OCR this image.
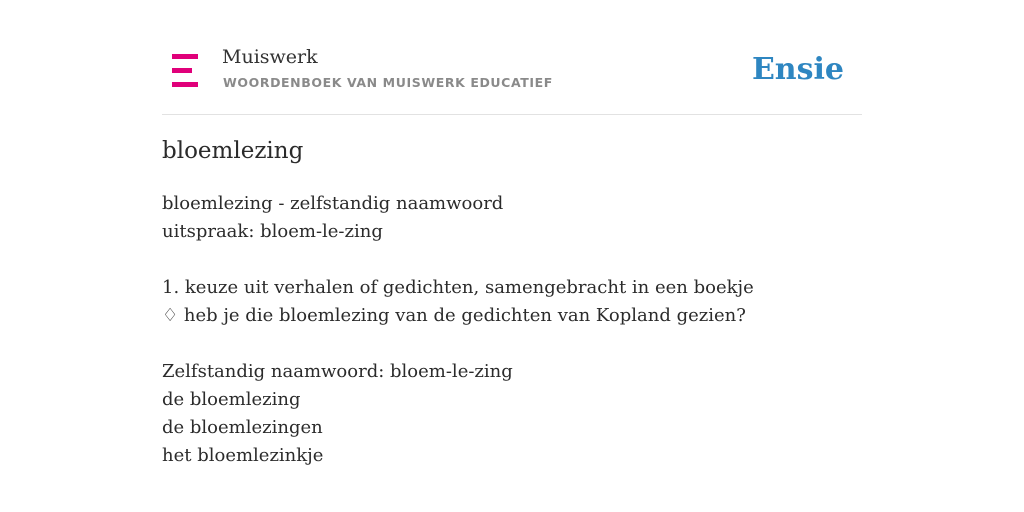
Muiswerk
WOORDENBOEK VAN MUISWERK EDUCATIEF	Ensie
bloemlezing
bloemlezing - zelfstandig naamwoord
uitspraak: bloem-le-zing
1. keuze uit verhalen of gedichten, samengebracht in een boekje
♢ heb je die bloemlezing van de gedichten van Kopland gezien?
Zelfstandig naamwoord: bloem-le-zing
de bloemlezing
de bloemlezingen
het bloemlezinkje
